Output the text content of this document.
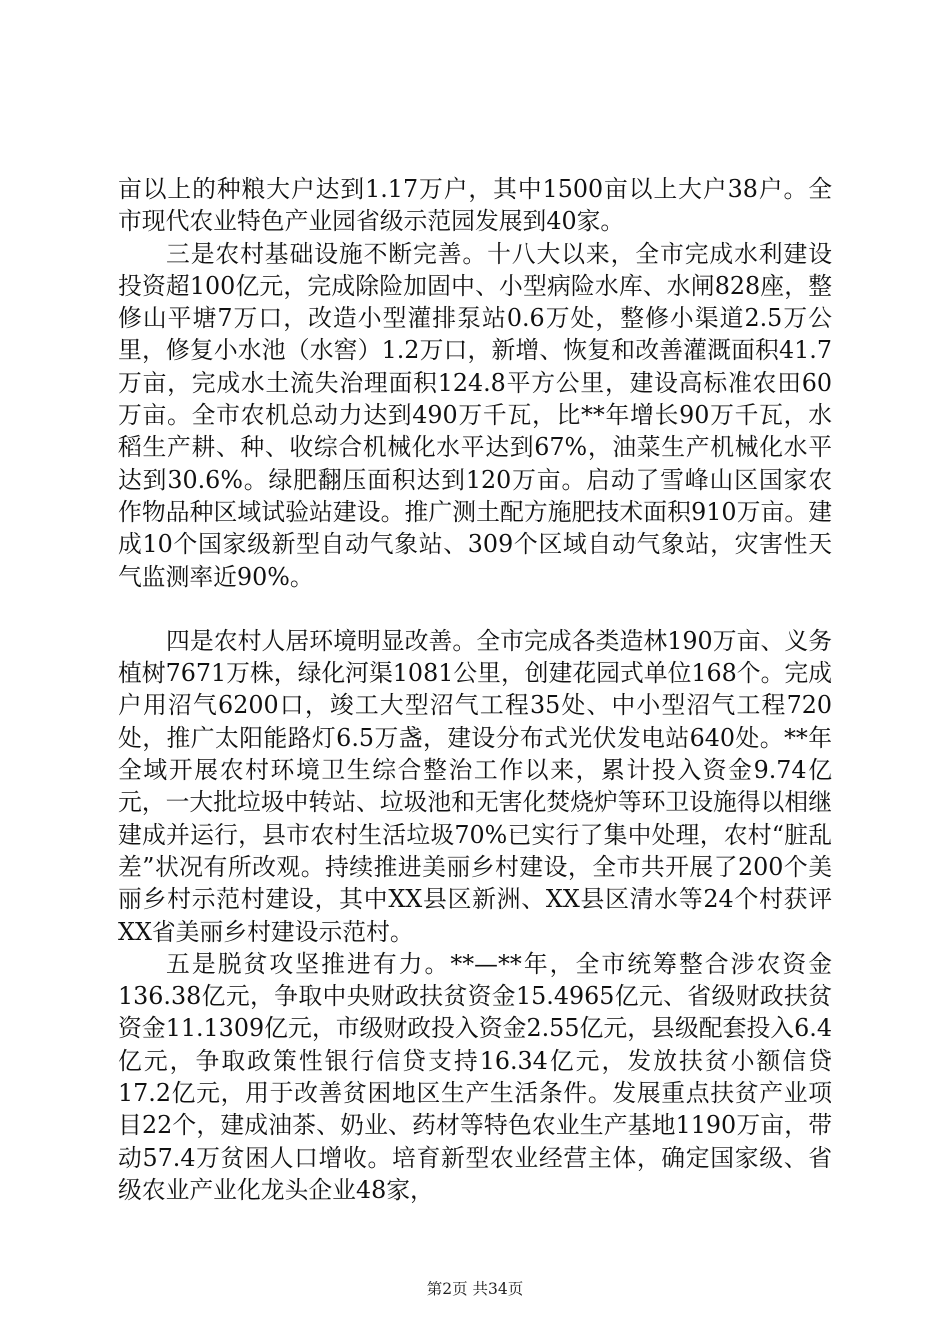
亩以上的种粮大户达到1.17万户，其中1500亩以上大户38户。全市现代农业特色产业园省级示范园发展到40家。

三是农村基础设施不断完善。十八大以来，全市完成水利建设投资超100亿元，完成除险加固中、小型病险水库、水闸828座，整修山平塘7万口，改造小型灌排泵站0.6万处，整修小渠道2.5万公里，修复小水池（水窖）1.2万口，新增、恢复和改善灌溉面积41.7万亩，完成水土流失治理面积124.8平方公里，建设高标准农田60万亩。全市农机总动力达到490万千瓦，比**年增长90万千瓦，水稻生产耕、种、收综合机械化水平达到67%，油菜生产机械化水平达到30.6%。绿肥翻压面积达到120万亩。启动了雪峰山区国家农作物品种区域试验站建设。推广测土配方施肥技术面积910万亩。建成10个国家级新型自动气象站、309个区域自动气象站，灾害性天气监测率近90%。

四是农村人居环境明显改善。全市完成各类造林190万亩、义务植树7671万株，绿化河渠1081公里，创建花园式单位168个。完成户用沼气6200口，竣工大型沼气工程35处、中小型沼气工程720处，推广太阳能路灯6.5万盏，建设分布式光伏发电站640处。**年全域开展农村环境卫生综合整治工作以来，累计投入资金9.74亿元，一大批垃圾中转站、垃圾池和无害化焚烧炉等环卫设施得以相继建成并运行，县市农村生活垃圾70%已实行了集中处理，农村“脏乱差”状况有所改观。持续推进美丽乡村建设，全市共开展了200个美丽乡村示范村建设，其中XX县区新洲、XX县区清水等24个村获评XX省美丽乡村建设示范村。

五是脱贫攻坚推进有力。**—**年，全市统筹整合涉农资金136.38亿元，争取中央财政扶贫资金15.4965亿元、省级财政扶贫资金11.1309亿元，市级财政投入资金2.55亿元，县级配套投入6.4亿元，争取政策性银行信贷支持16.34亿元，发放扶贫小额信贷17.2亿元，用于改善贫困地区生产生活条件。发展重点扶贫产业项目22个，建成油茶、奶业、药材等特色农业生产基地1190万亩，带动57.4万贫困人口增收。培育新型农业经营主体，确定国家级、省级农业产业化龙头企业48家，

第2页 共34页
